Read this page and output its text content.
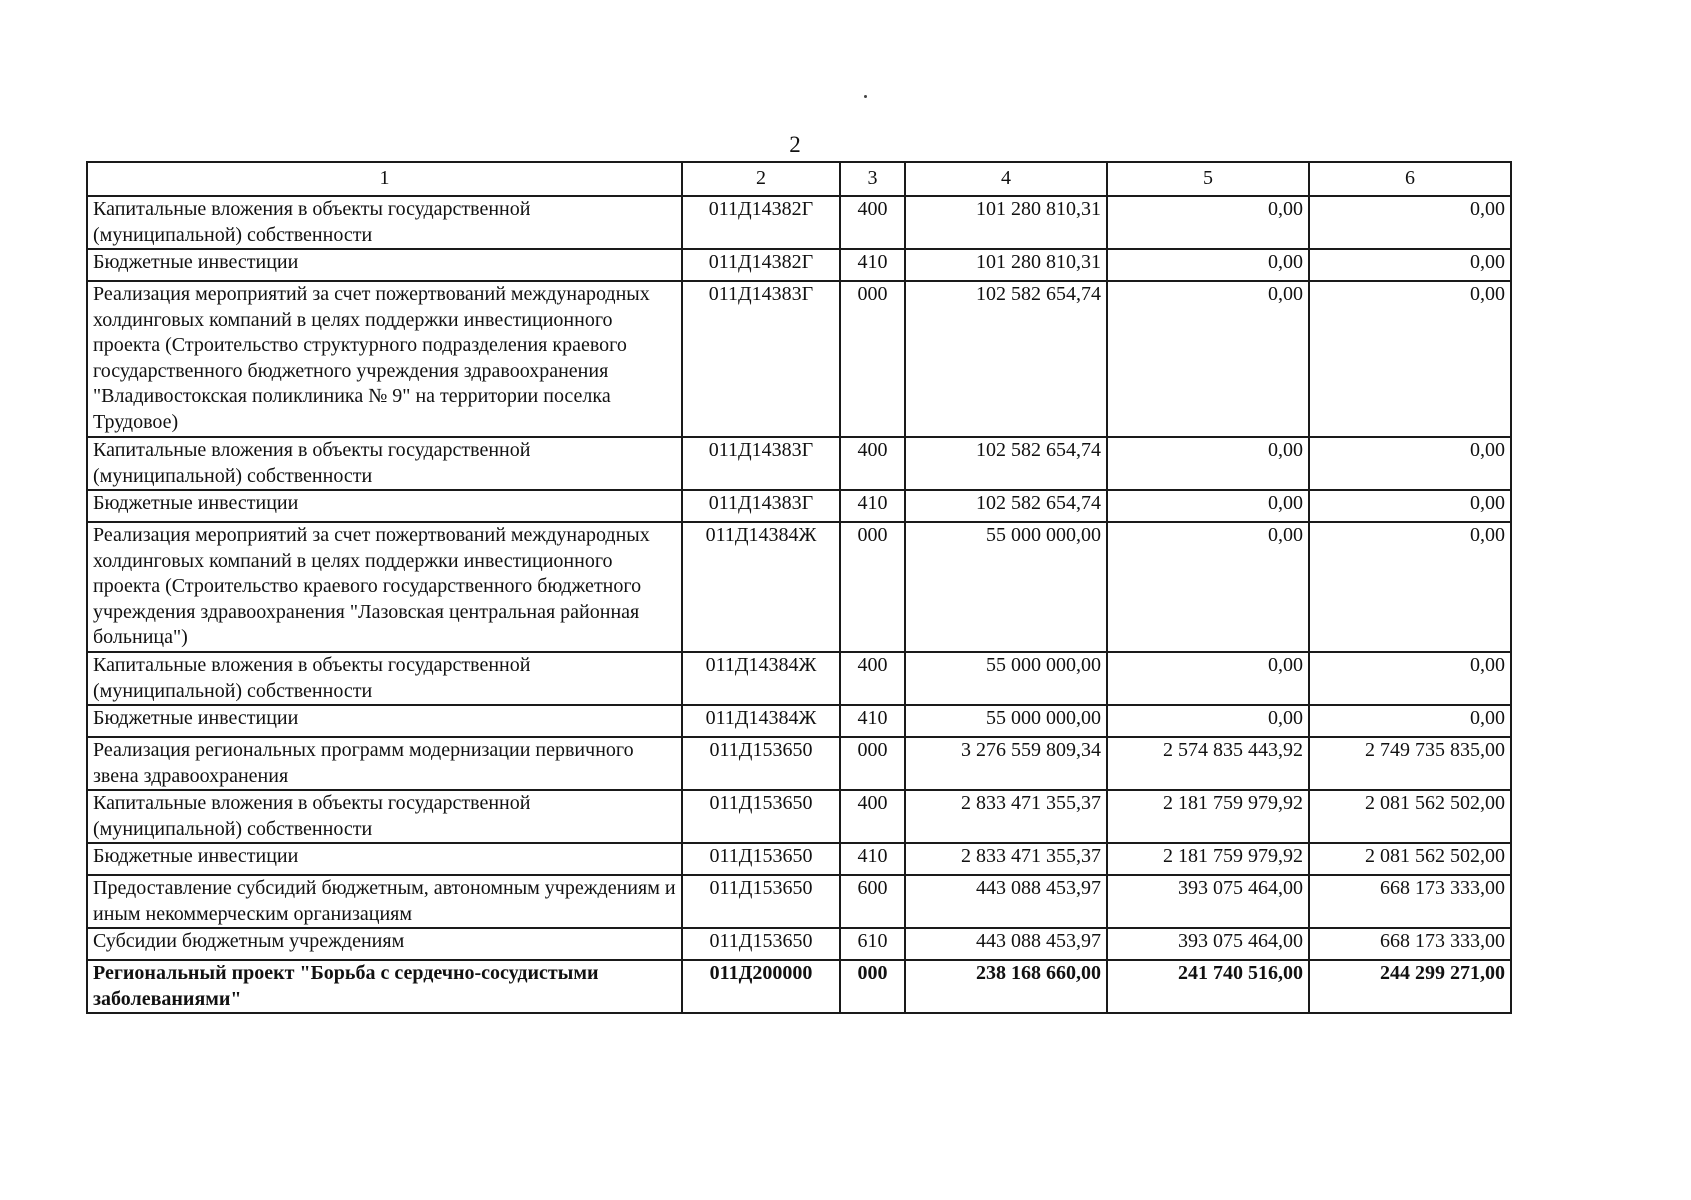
2
1	2	3	4	5	6
Капитальные вложения в объекты государственной (муниципальной) собственности	011Д14382Г	400	101 280 810,31	0,00	0,00
Бюджетные инвестиции	011Д14382Г	410	101 280 810,31	0,00	0,00
Реализация мероприятий за счет пожертвований международных холдинговых компаний в целях поддержки инвестиционного проекта (Строительство структурного подразделения краевого государственного бюджетного учреждения здравоохранения "Владивостокская поликлиника № 9" на территории поселка Трудовое)	011Д14383Г	000	102 582 654,74	0,00	0,00
Капитальные вложения в объекты государственной (муниципальной) собственности	011Д14383Г	400	102 582 654,74	0,00	0,00
Бюджетные инвестиции	011Д14383Г	410	102 582 654,74	0,00	0,00
Реализация мероприятий за счет пожертвований международных холдинговых компаний в целях поддержки инвестиционного проекта (Строительство краевого государственного бюджетного учреждения здравоохранения "Лазовская центральная районная больница")	011Д14384Ж	000	55 000 000,00	0,00	0,00
Капитальные вложения в объекты государственной (муниципальной) собственности	011Д14384Ж	400	55 000 000,00	0,00	0,00
Бюджетные инвестиции	011Д14384Ж	410	55 000 000,00	0,00	0,00
Реализация региональных программ модернизации первичного звена здравоохранения	011Д153650	000	3 276 559 809,34	2 574 835 443,92	2 749 735 835,00
Капитальные вложения в объекты государственной (муниципальной) собственности	011Д153650	400	2 833 471 355,37	2 181 759 979,92	2 081 562 502,00
Бюджетные инвестиции	011Д153650	410	2 833 471 355,37	2 181 759 979,92	2 081 562 502,00
Предоставление субсидий бюджетным, автономным учреждениям и иным некоммерческим организациям	011Д153650	600	443 088 453,97	393 075 464,00	668 173 333,00
Субсидии бюджетным учреждениям	011Д153650	610	443 088 453,97	393 075 464,00	668 173 333,00
Региональный проект "Борьба с сердечно-сосудистыми заболеваниями"	011Д200000	000	238 168 660,00	241 740 516,00	244 299 271,00
